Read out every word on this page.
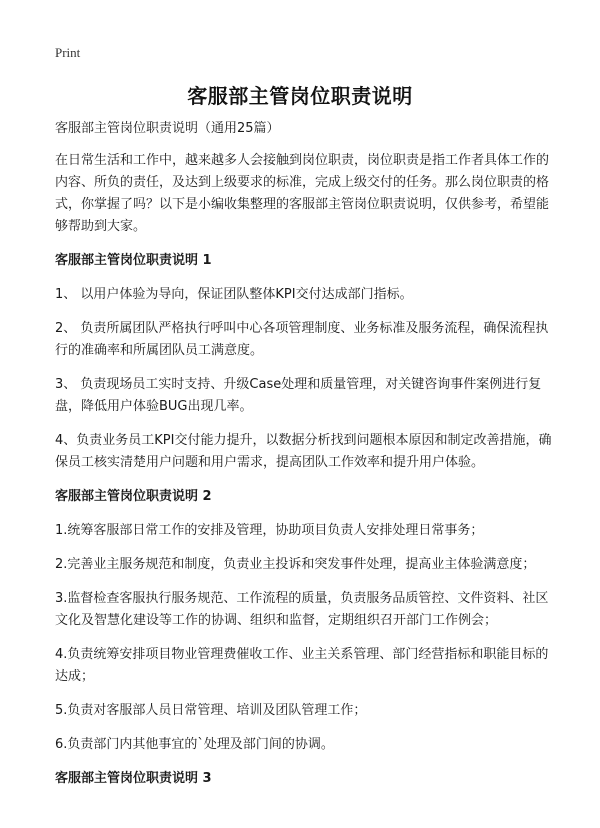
Print
客服部主管岗位职责说明

客服部主管岗位职责说明（通用25篇）

在日常生活和工作中，越来越多人会接触到岗位职责，岗位职责是指工作者具体工作的内容、所负的责任，及达到上级要求的标准，完成上级交付的任务。那么岗位职责的格式，你掌握了吗？以下是小编收集整理的客服部主管岗位职责说明，仅供参考，希望能够帮助到大家。

客服部主管岗位职责说明 1

1、 以用户体验为导向，保证团队整体KPI交付达成部门指标。

2、 负责所属团队严格执行呼叫中心各项管理制度、业务标准及服务流程，确保流程执行的准确率和所属团队员工满意度。

3、 负责现场员工实时支持、升级Case处理和质量管理，对关键咨询事件案例进行复盘，降低用户体验BUG出现几率。

4、负责业务员工KPI交付能力提升，以数据分析找到问题根本原因和制定改善措施，确保员工核实清楚用户问题和用户需求，提高团队工作效率和提升用户体验。

客服部主管岗位职责说明 2

1.统筹客服部日常工作的安排及管理，协助项目负责人安排处理日常事务；

2.完善业主服务规范和制度，负责业主投诉和突发事件处理，提高业主体验满意度；

3.监督检查客服执行服务规范、工作流程的质量，负责服务品质管控、文件资料、社区文化及智慧化建设等工作的协调、组织和监督，定期组织召开部门工作例会；

4.负责统筹安排项目物业管理费催收工作、业主关系管理、部门经营指标和职能目标的达成；

5.负责对客服部人员日常管理、培训及团队管理工作；

6.负责部门内其他事宜的`处理及部门间的协调。

客服部主管岗位职责说明 3
